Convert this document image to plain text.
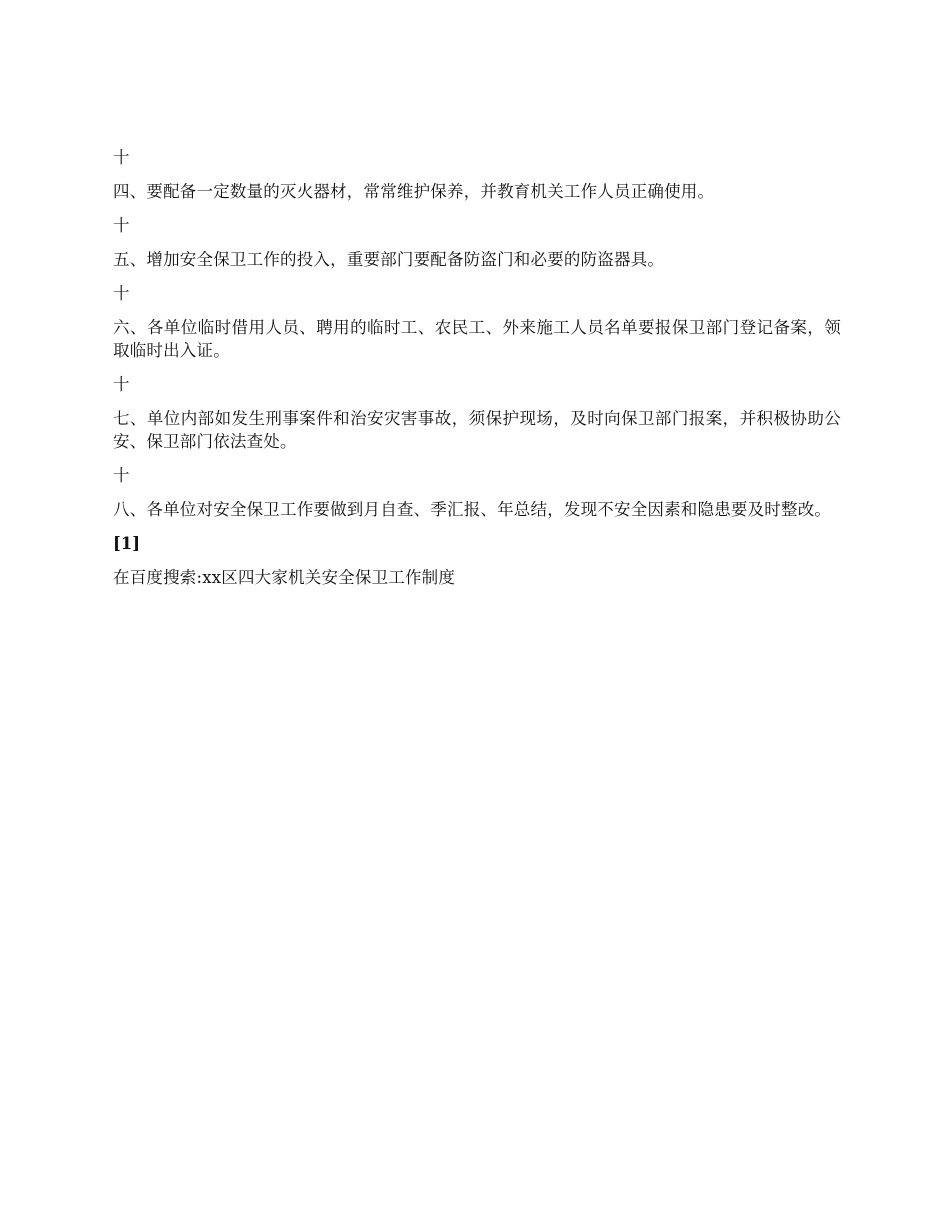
十

四、要配备一定数量的灭火器材，常常维护保养，并教育机关工作人员正确使用。

十

五、增加安全保卫工作的投入，重要部门要配备防盗门和必要的防盗器具。

十

六、各单位临时借用人员、聘用的临时工、农民工、外来施工人员名单要报保卫部门登记备案，领取临时出入证。

十

七、单位内部如发生刑事案件和治安灾害事故，须保护现场，及时向保卫部门报案，并积极协助公安、保卫部门依法查处。

十

八、各单位对安全保卫工作要做到月自查、季汇报、年总结，发现不安全因素和隐患要及时整改。

[1]

在百度搜索:xx区四大家机关安全保卫工作制度
